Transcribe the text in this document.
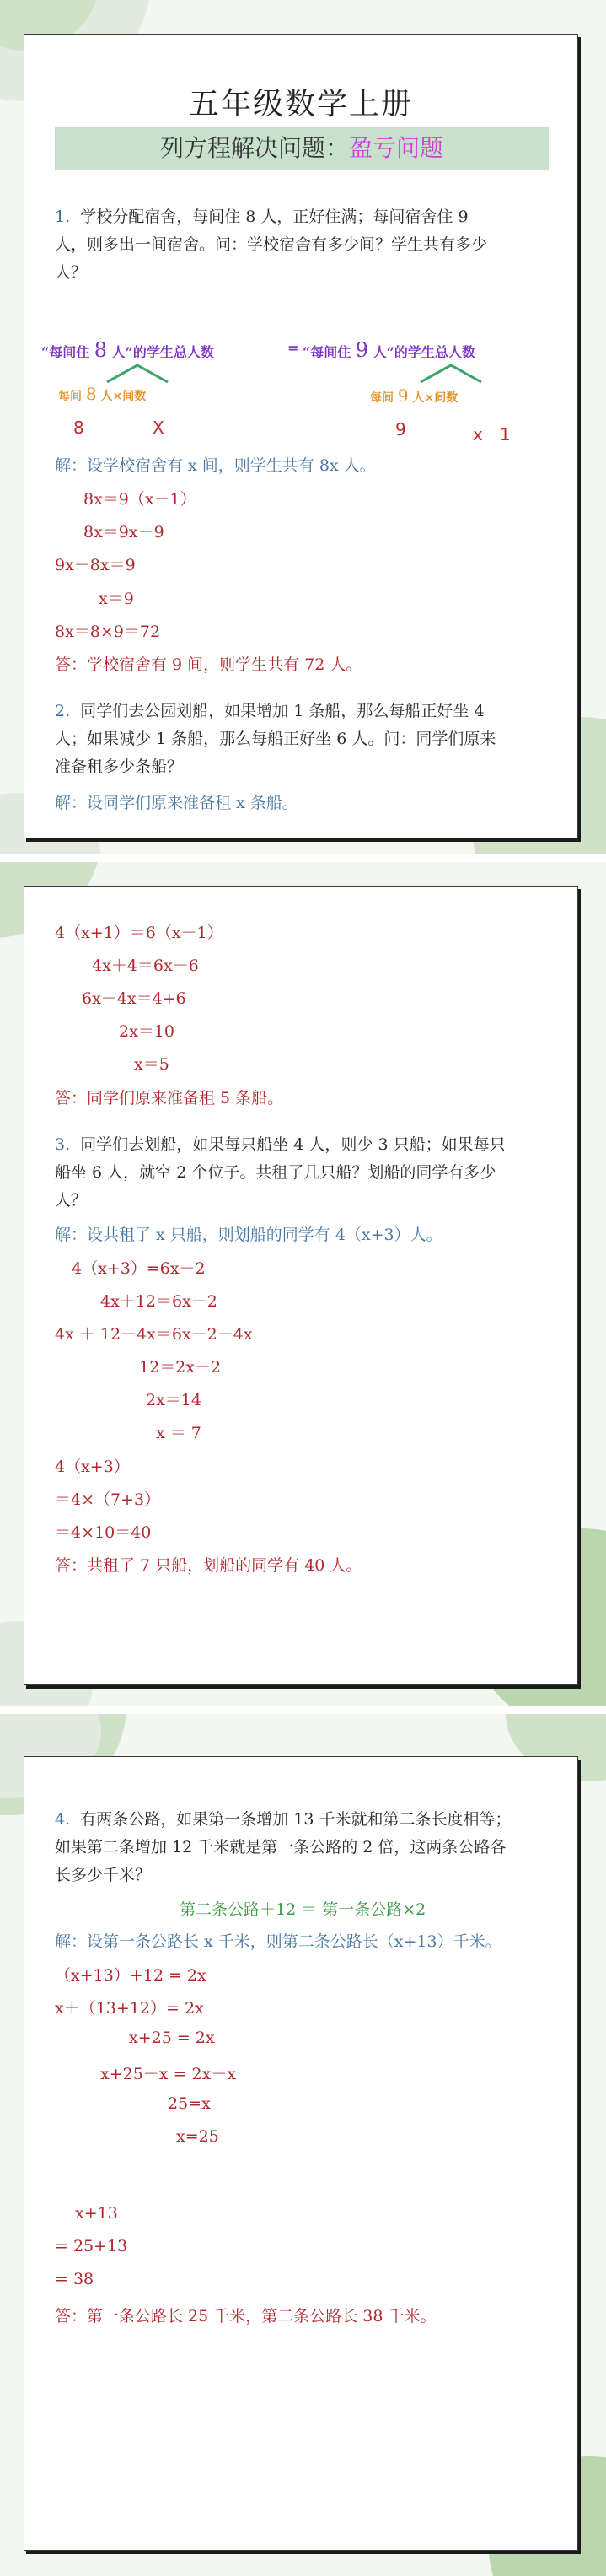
五年级数学上册
列方程解决问题：盈亏问题
1. 学校分配宿舍，每间住 8 人，正好住满；每间宿舍住 9
人，则多出一间宿舍。问：学校宿舍有多少间？学生共有多少
人？
“每间住 8 人”的学生总人数	= “每间住 9 人”的学生总人数
每间 8 人×间数	每间 9 人×间数
8	X	9	x－1
解：设学校宿舍有 x 间，则学生共有 8x 人。
8x＝9（x－1）
8x＝9x－9
9x－8x＝9
x＝9
8x＝8×9＝72
答：学校宿舍有 9 间，则学生共有 72 人。
2. 同学们去公园划船，如果增加 1 条船，那么每船正好坐 4
人；如果减少 1 条船，那么每船正好坐 6 人。问：同学们原来
准备租多少条船？
解：设同学们原来准备租 x 条船。
4（x+1）＝6（x－1）
4x＋4＝6x－6
6x－4x＝4+6
2x＝10
x＝5
答：同学们原来准备租 5 条船。
3. 同学们去划船，如果每只船坐 4 人，则少 3 只船；如果每只
船坐 6 人，就空 2 个位子。共租了几只船？划船的同学有多少
人？
解：设共租了 x 只船，则划船的同学有 4（x+3）人。
4（x+3）=6x－2
4x＋12＝6x－2
4x ＋ 12－4x＝6x－2－4x
12＝2x－2
2x＝14
x ＝ 7
4（x+3）
＝4×（7+3）
＝4×10＝40
答：共租了 7 只船，划船的同学有 40 人。
4. 有两条公路，如果第一条增加 13 千米就和第二条长度相等；
如果第二条增加 12 千米就是第一条公路的 2 倍，这两条公路各
长多少千米？
第二条公路＋12 ＝ 第一条公路×2
解：设第一条公路长 x 千米，则第二条公路长（x+13）千米。
（x+13）+12 = 2x
x＋（13+12）= 2x
x+25 = 2x
x+25－x = 2x－x
25=x
x=25
x+13
= 25+13
= 38
答：第一条公路长 25 千米，第二条公路长 38 千米。
